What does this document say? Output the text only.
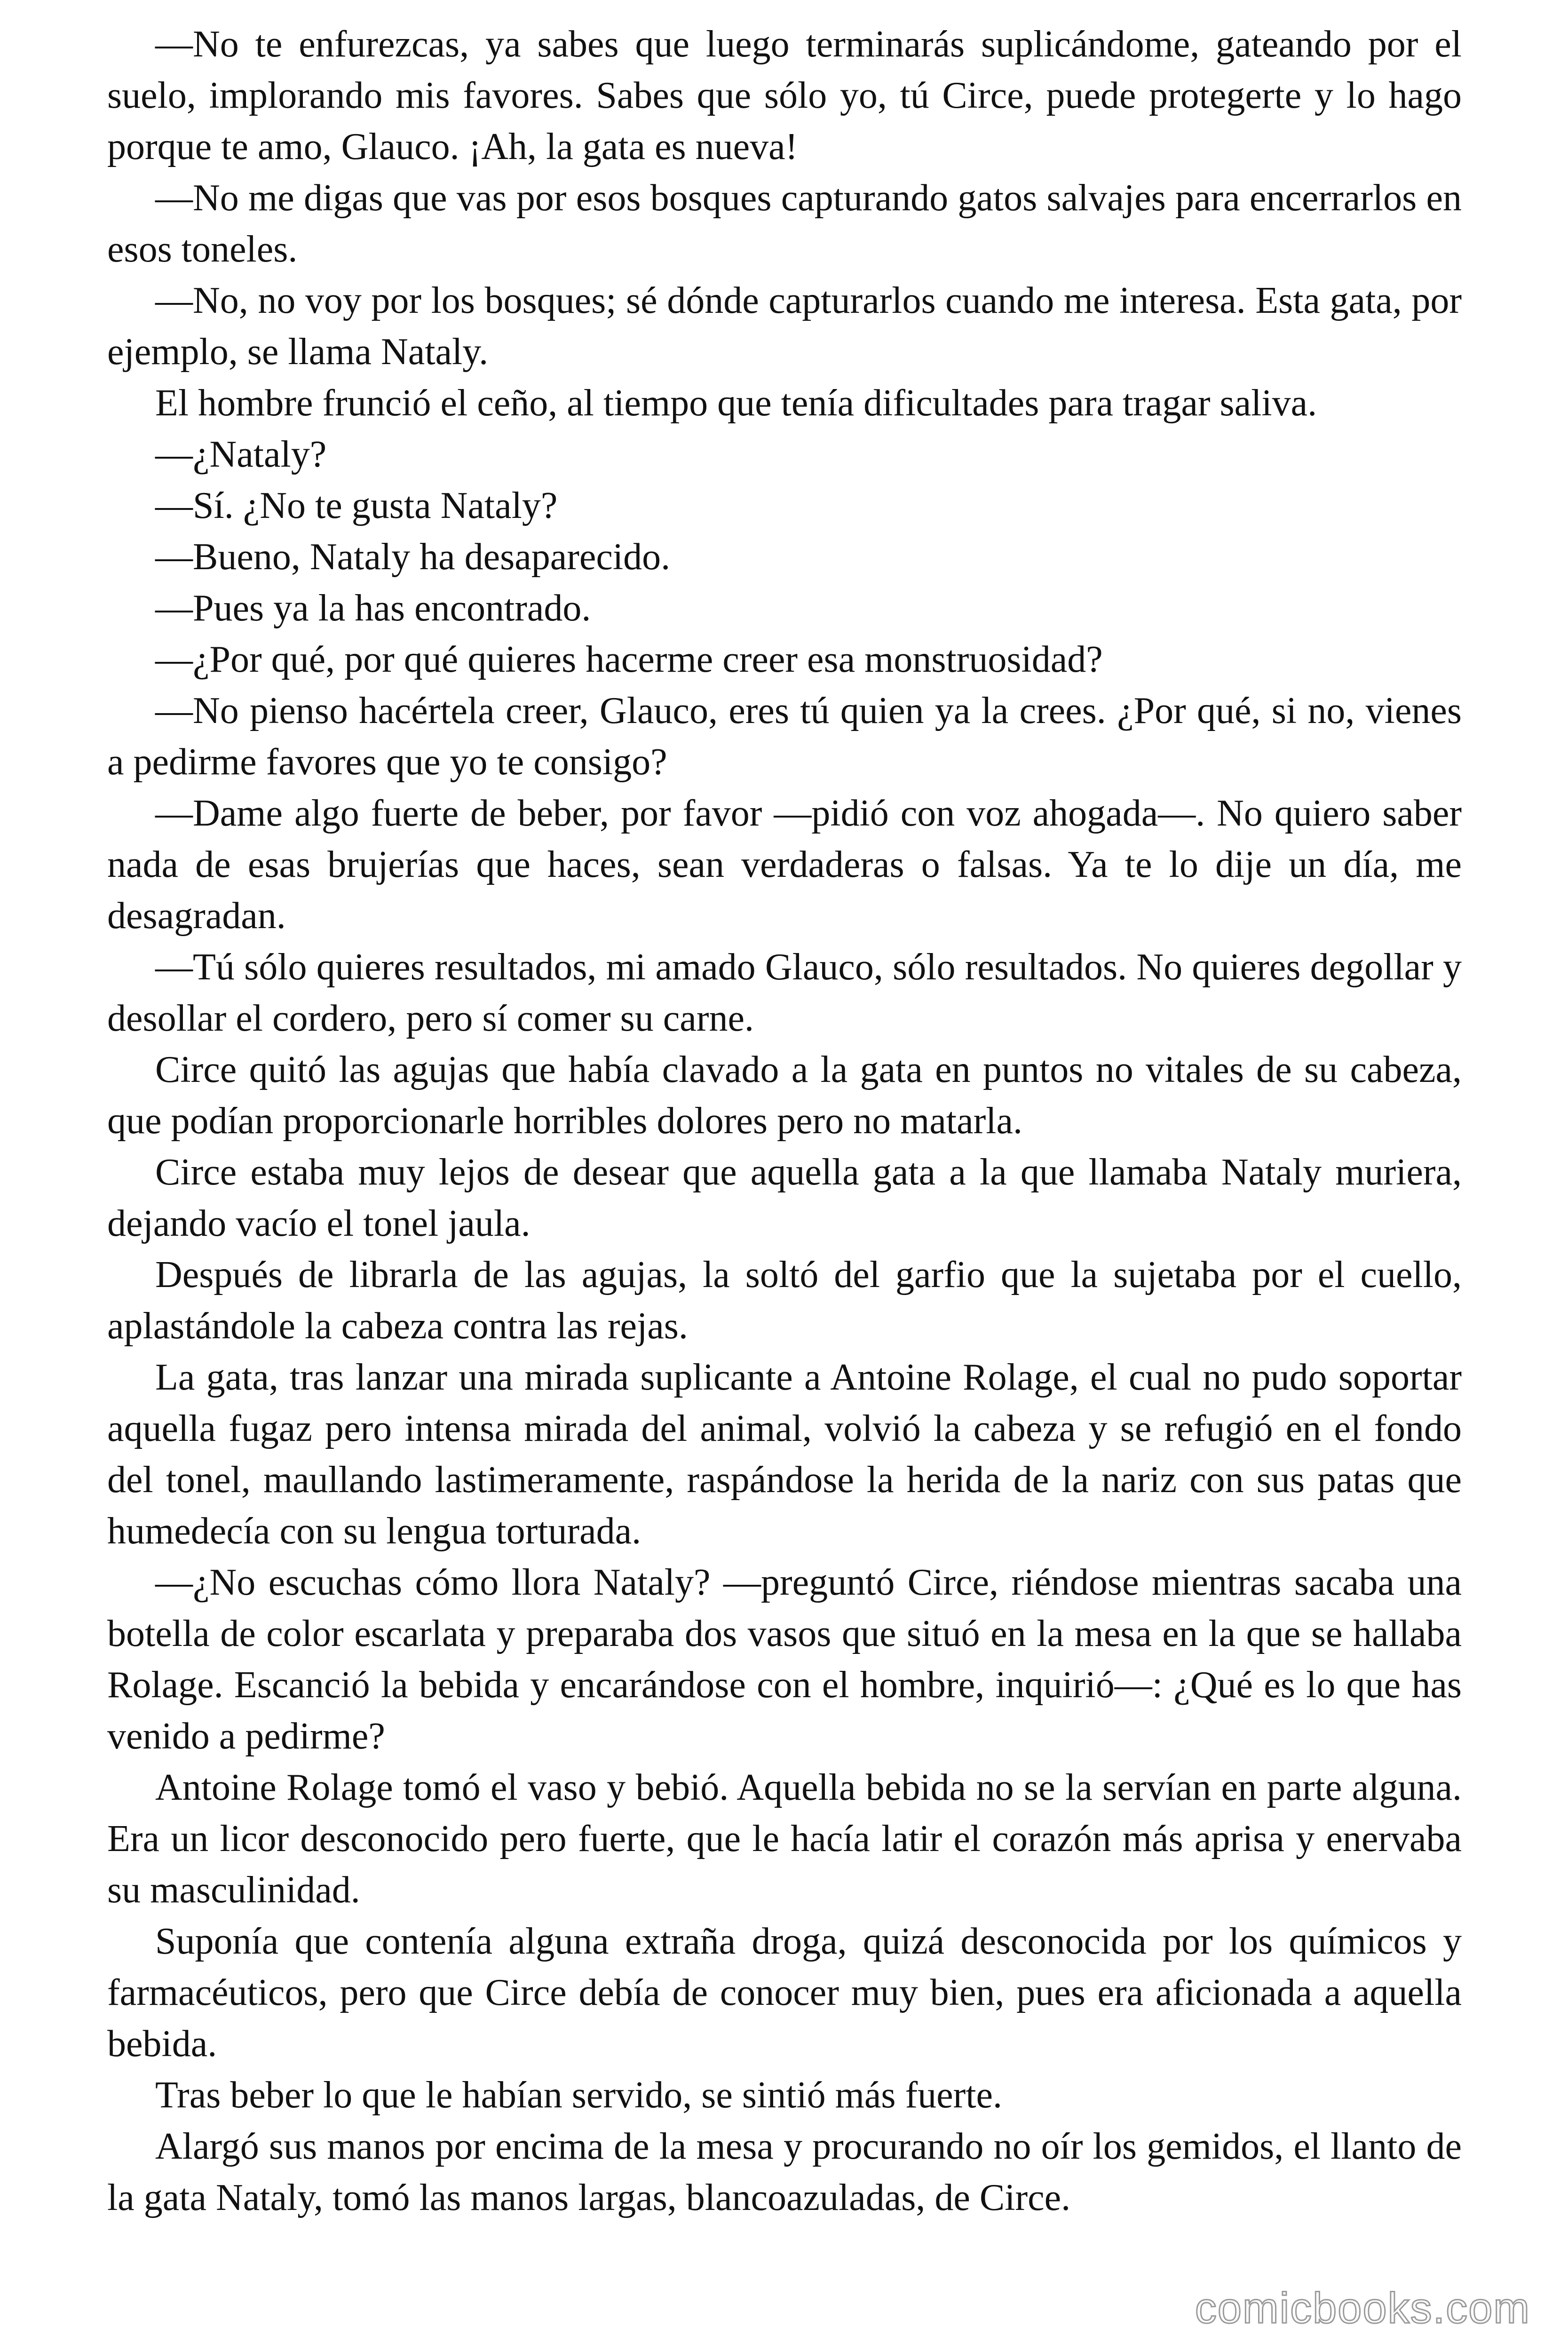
—No te enfurezcas, ya sabes que luego terminarás suplicándome, gateando por el suelo, implorando mis favores. Sabes que sólo yo, tú Circe, puede protegerte y lo hago porque te amo, Glauco. ¡Ah, la gata es nueva!

—No me digas que vas por esos bosques capturando gatos salvajes para encerrarlos en esos toneles.

—No, no voy por los bosques; sé dónde capturarlos cuando me interesa. Esta gata, por ejemplo, se llama Nataly.

El hombre frunció el ceño, al tiempo que tenía dificultades para tragar saliva.

—¿Nataly?

—Sí. ¿No te gusta Nataly?

—Bueno, Nataly ha desaparecido.

—Pues ya la has encontrado.

—¿Por qué, por qué quieres hacerme creer esa monstruosidad?

—No pienso hacértela creer, Glauco, eres tú quien ya la crees. ¿Por qué, si no, vienes a pedirme favores que yo te consigo?

—Dame algo fuerte de beber, por favor —pidió con voz ahogada—. No quiero saber nada de esas brujerías que haces, sean verdaderas o falsas. Ya te lo dije un día, me desagradan.

—Tú sólo quieres resultados, mi amado Glauco, sólo resultados. No quieres degollar y desollar el cordero, pero sí comer su carne.

Circe quitó las agujas que había clavado a la gata en puntos no vitales de su cabeza, que podían proporcionarle horribles dolores pero no matarla.

Circe estaba muy lejos de desear que aquella gata a la que llamaba Nataly muriera, dejando vacío el tonel jaula.

Después de librarla de las agujas, la soltó del garfio que la sujetaba por el cuello, aplastándole la cabeza contra las rejas.

La gata, tras lanzar una mirada suplicante a Antoine Rolage, el cual no pudo soportar aquella fugaz pero intensa mirada del animal, volvió la cabeza y se refugió en el fondo del tonel, maullando lastimeramente, raspándose la herida de la nariz con sus patas que humedecía con su lengua torturada.

—¿No escuchas cómo llora Nataly? —preguntó Circe, riéndose mientras sacaba una botella de color escarlata y preparaba dos vasos que situó en la mesa en la que se hallaba Rolage. Escanció la bebida y encarándose con el hombre, inquirió—: ¿Qué es lo que has venido a pedirme?

Antoine Rolage tomó el vaso y bebió. Aquella bebida no se la servían en parte alguna. Era un licor desconocido pero fuerte, que le hacía latir el corazón más aprisa y enervaba su masculinidad.

Suponía que contenía alguna extraña droga, quizá desconocida por los químicos y farmacéuticos, pero que Circe debía de conocer muy bien, pues era aficionada a aquella bebida.

Tras beber lo que le habían servido, se sintió más fuerte.

Alargó sus manos por encima de la mesa y procurando no oír los gemidos, el llanto de la gata Nataly, tomó las manos largas, blancoazuladas, de Circe.

comicbooks.com
